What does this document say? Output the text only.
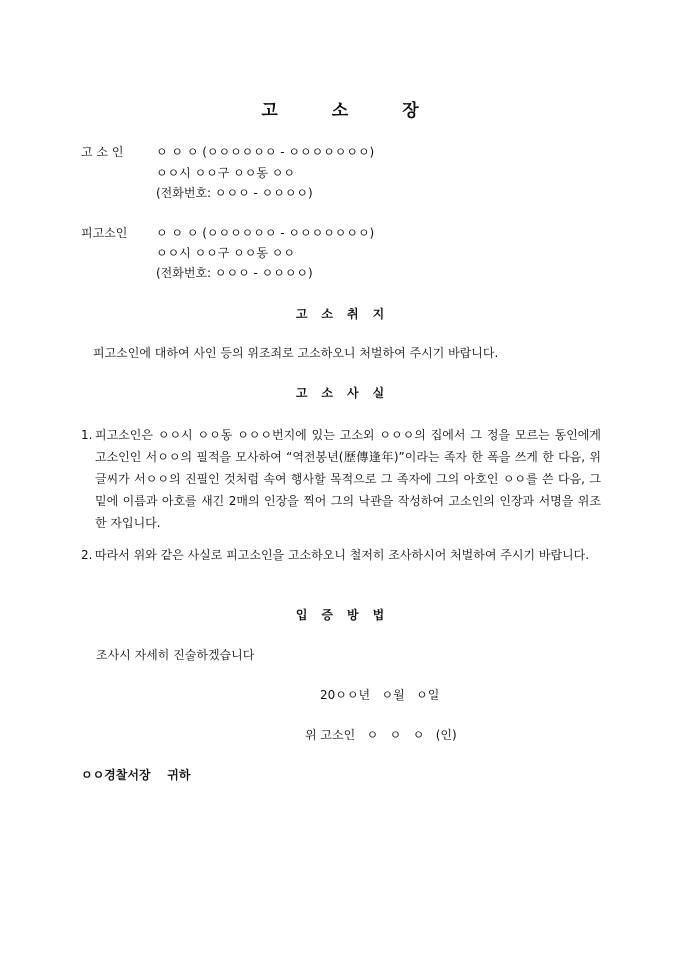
고	소	장
고 소 인	ㅇ ㅇ ㅇ (ㅇㅇㅇㅇㅇㅇ - ㅇㅇㅇㅇㅇㅇㅇ)
ㅇㅇ시 ㅇㅇ구 ㅇㅇ동 ㅇㅇ
(전화번호: ㅇㅇㅇ - ㅇㅇㅇㅇ)
피고소인 ㅇ ㅇ ㅇ (ㅇㅇㅇㅇㅇㅇ - ㅇㅇㅇㅇㅇㅇㅇ)
ㅇㅇ시 ㅇㅇ구 ㅇㅇ동 ㅇㅇ
(전화번호: ㅇㅇㅇ - ㅇㅇㅇㅇ)
고 소 취 지
피고소인에 대하여 사인 등의 위조죄로 고소하오니 처벌하여 주시기 바랍니다.
고 소 사 실
1. 피고소인은 ㅇㅇ시 ㅇㅇ동 ㅇㅇㅇ번지에 있는 고소외 ㅇㅇㅇ의 집에서 그 정을 모르는 동인에게 고소인인 서ㅇㅇ의 필적을 모사하여 “역전봉년(歷傳逢年)”이라는 족자 한 폭을 쓰게 한 다음, 위 글씨가 서ㅇㅇ의 진필인 것처럼 속여 행사할 목적으로 그 족자에 그의 아호인 ㅇㅇ를 쓴 다음, 그 밑에 이름과 아호를 새긴 2매의 인장을 찍어 그의 낙관을 작성하여 고소인의 인장과 서명을 위조한 자입니다.
2. 따라서 위와 같은 사실로 피고소인을 고소하오니 철저히 조사하시어 처벌하여 주시기 바랍니다.
입 증 방 법
조사시 자세히 진술하겠습니다
20ㅇㅇ년   ㅇ월   ㅇ일
위 고소인   ㅇ   ㅇ   ㅇ   (인)
ㅇㅇ경찰서장    귀하
